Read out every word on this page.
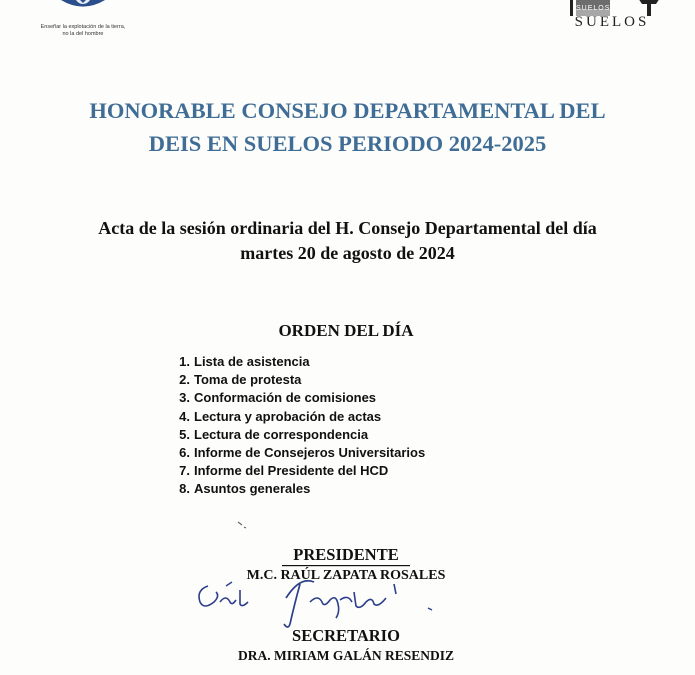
Enseñar la explotación de la tierra,
no la del hombre
SUELOS
SUELOS
HONORABLE CONSEJO DEPARTAMENTAL DEL
DEIS EN SUELOS PERIODO 2024-2025
Acta de la sesión ordinaria del H. Consejo Departamental del día
martes 20 de agosto de 2024
ORDEN DEL DÍA
1. Lista de asistencia
2. Toma de protesta
3. Conformación de comisiones
4. Lectura y aprobación de actas
5. Lectura de correspondencia
6. Informe de Consejeros Universitarios
7. Informe del Presidente del HCD
8. Asuntos generales
PRESIDENTE
M.C. RAÚL ZAPATA ROSALES
SECRETARIO
DRA. MIRIAM GALÁN RESENDIZ
